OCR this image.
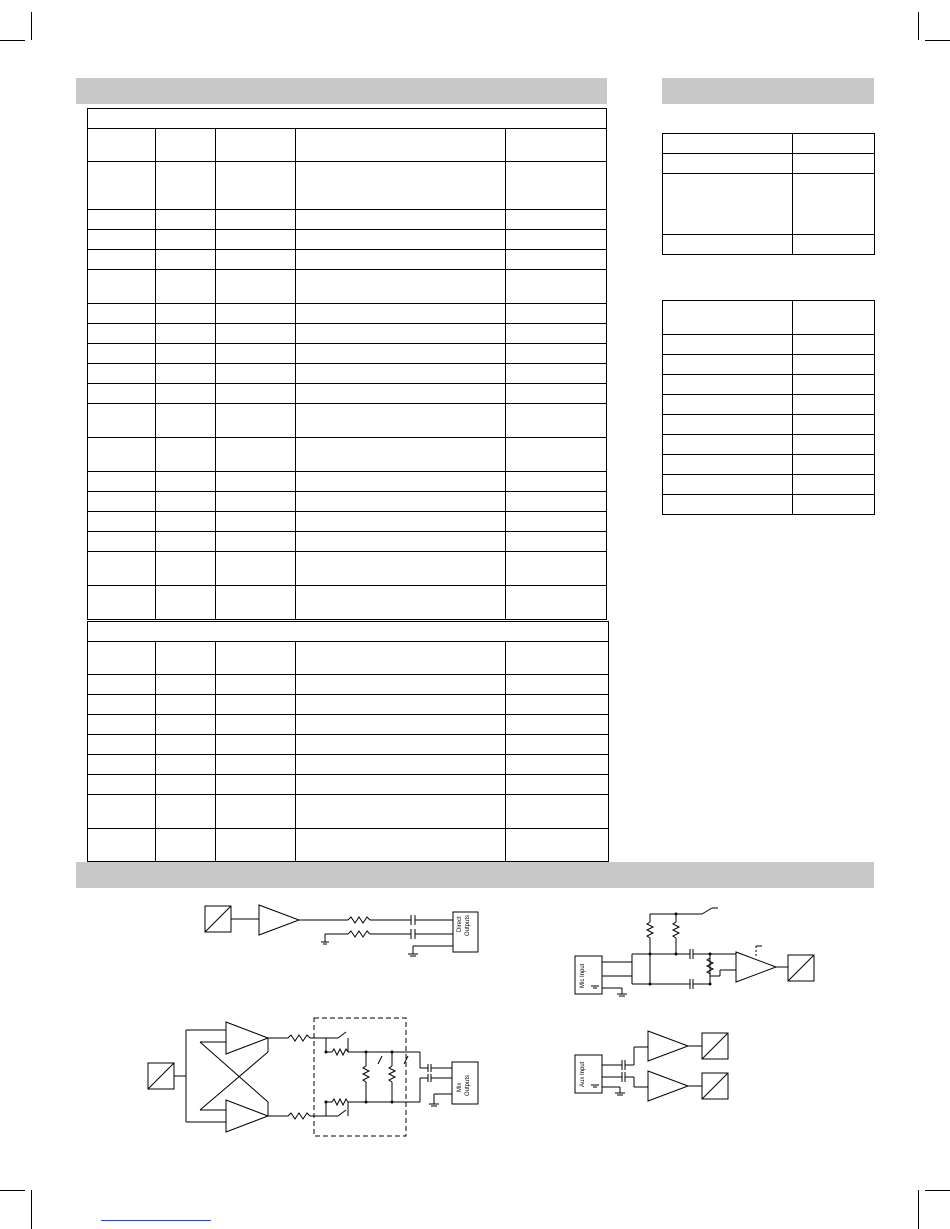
Direct Outputs
Mix Outputs
Mic Input
Aux Input
